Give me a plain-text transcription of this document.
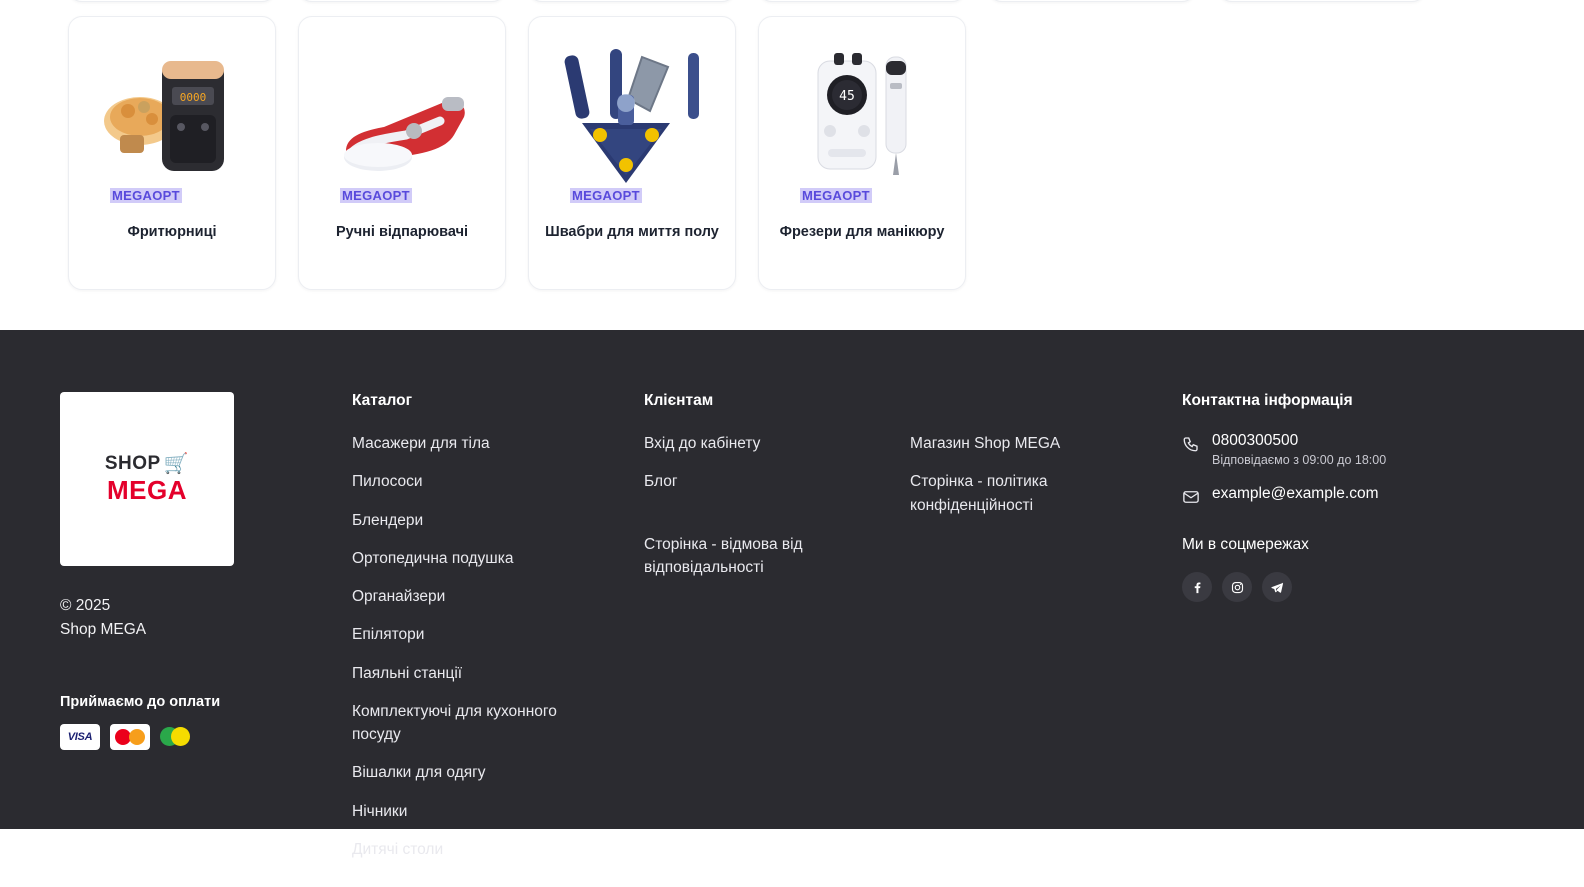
0000
MEGAOPT
Фритюрниці
MEGAOPT
Ручні відпарювачі
MEGAOPT
Швабри для миття полу
45
MEGAOPT
Фрезери для манікюру
SHOP 🛒
MEGA
© 2025
Shop MEGA
Приймаємо до оплати
VISA
Каталог
Масажери для тіла
Пилососи
Блендери
Ортопедична подушка
Органайзери
Епілятори
Паяльні станції
Комплектуючі для кухонного посуду
Вішалки для одягу
Нічники
Дитячі столи
Клієнтам
Вхід до кабінету
Блог
Сторінка - відмова від відповідальності
Магазин Shop MEGA
Сторінка - політика конфіденційності
Контактна інформація
0800300500
Відповідаємо з 09:00 до 18:00
example@example.com
Ми в соцмережах
